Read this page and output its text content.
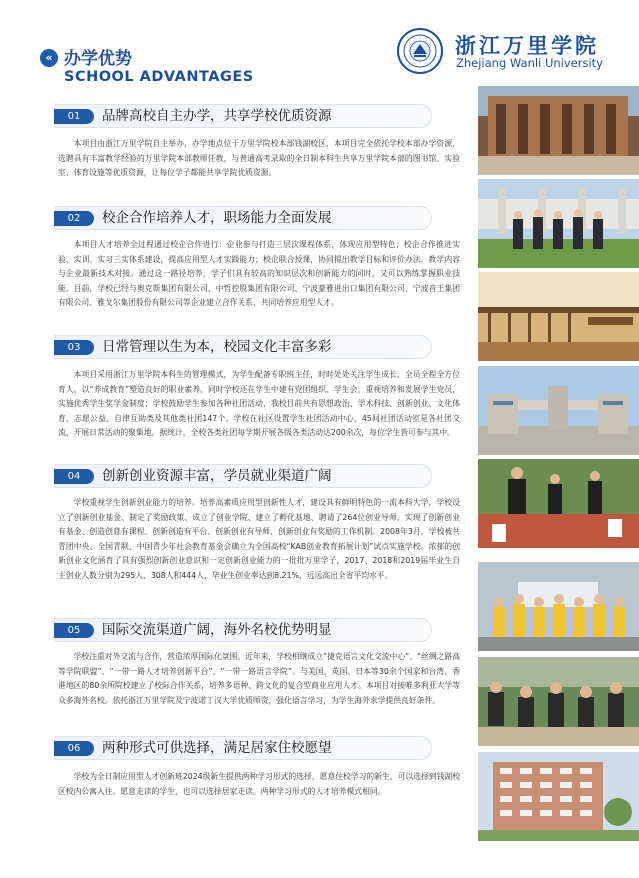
« 办学优势
SCHOOL ADVANTAGES
浙江万里学院
Zhejiang Wanli University
01	品牌高校自主办学，共享学校优质资源

本项目由浙江万里学院自主举办，办学地点位于万里学院校本部钱湖校区，本项目完全依托学校本部办学资源，选聘具有丰富教学经验的万里学院本部教师任教，与普通高考录取的全日制本科生共享万里学院本部的图书馆、实验室、体育设施等优质资源，让每位学子都能共享学院优质资源。

02	校企合作培养人才，职场能力全面发展

本项目人才培养全过程通过校企合作进行：企业参与打造三层次课程体系，体现应用型特色；校企合作推进实验、实训、实习三实体系建设，提高应用型人才实践能力；校企联合授课，协同提出教学目标和评价办法，教学内容与企业最新技术对接。通过这一路径培养，学子们具有较高的知识层次和创新能力的同时，又可以熟练掌握职业技能。目前，学校已经与奥克斯集团有限公司、中哲控股集团有限公司、宁波豪雅进出口集团有限公司、宁波音王集团有限公司、雅戈尔集团股份有限公司等企业建立合作关系，共同培养应用型人才。

03	日常管理以生为本，校园文化丰富多彩

本项目采用浙江万里学院本科生的管理模式，为学生配备专职班主任，时时处处关注学生成长，全员全程全方位育人，以“养成教育”塑造良好的职业素养。同时学校还在学生中建有党团组织、学生会，重视培养和发展学生党员，实施优秀学生奖学金制度；学校鼓励学生参加各种社团活动，我校目前共有思想政治、学术科技、创新创业、文化体育、志愿公益、自律互助类及其他类社团147个。学校在社区设置学生社团活动中心，45间社团活动室是各社团交流、开展日常活动的聚集地。据统计，全校各类社团每学期开展各级各类活动达200余次，每位学生皆可参与其中。

04	创新创业资源丰富，学员就业渠道广阔

学校重视学生创新创业能力的培养。培养高素质应用型创新性人才，建设具有鲜明特色的一流本科大学，学校设立了创新创业基金、制定了奖励政策、成立了创业学院、建立了孵化基地、聘请了264位创业导师，实现了创新创业有基金、创造创意有课程、创新创造有平台、创新创业有导师、创新创业有奖励的工作机制。2008年3月，学校被共青团中央、全国青联、中国青少年社会教育基金会确立为全国高校“KAB创业教育拓展计划”试点实施学校。浓郁的创新创业文化涵育了具有强烈创新创业意识和一定创新创业能力的一批批万里学子，2017、2018和2019届毕业生自主创业人数分别为295人、308人和444人，毕业生创业率达到8.21%，远远高出全省平均水平。

05	国际交流渠道广阔，海外名校优势明显

学校注重对外交流与合作，营造浓厚国际化氛围。近年来，学校相继成立“捷克语言文化交流中心”、“丝绸之路高等学院联盟”、“一带一路人才培养创新平台”、“一带一路语言学院”。与美国、英国、日本等30余个国家和台湾、香港地区的80余所院校建立了校际合作关系，培养多语种、跨文化的复合型商业应用人才。本项目对接唯多利亚大学等众多海外名校。依托浙江万里学院及宁波诺丁汉大学优质师资，强化语言学习，为学生海外求学提供良好条件。

06	两种形式可供选择，满足居家住校愿望

学校为全日制应用型人才创新班2024级新生提供两种学习形式的选择，愿意住校学习的新生，可以选择到钱湖校区校内公寓入住。愿意走读的学生，也可以选择居家走读。两种学习形式的人才培养模式相同。
